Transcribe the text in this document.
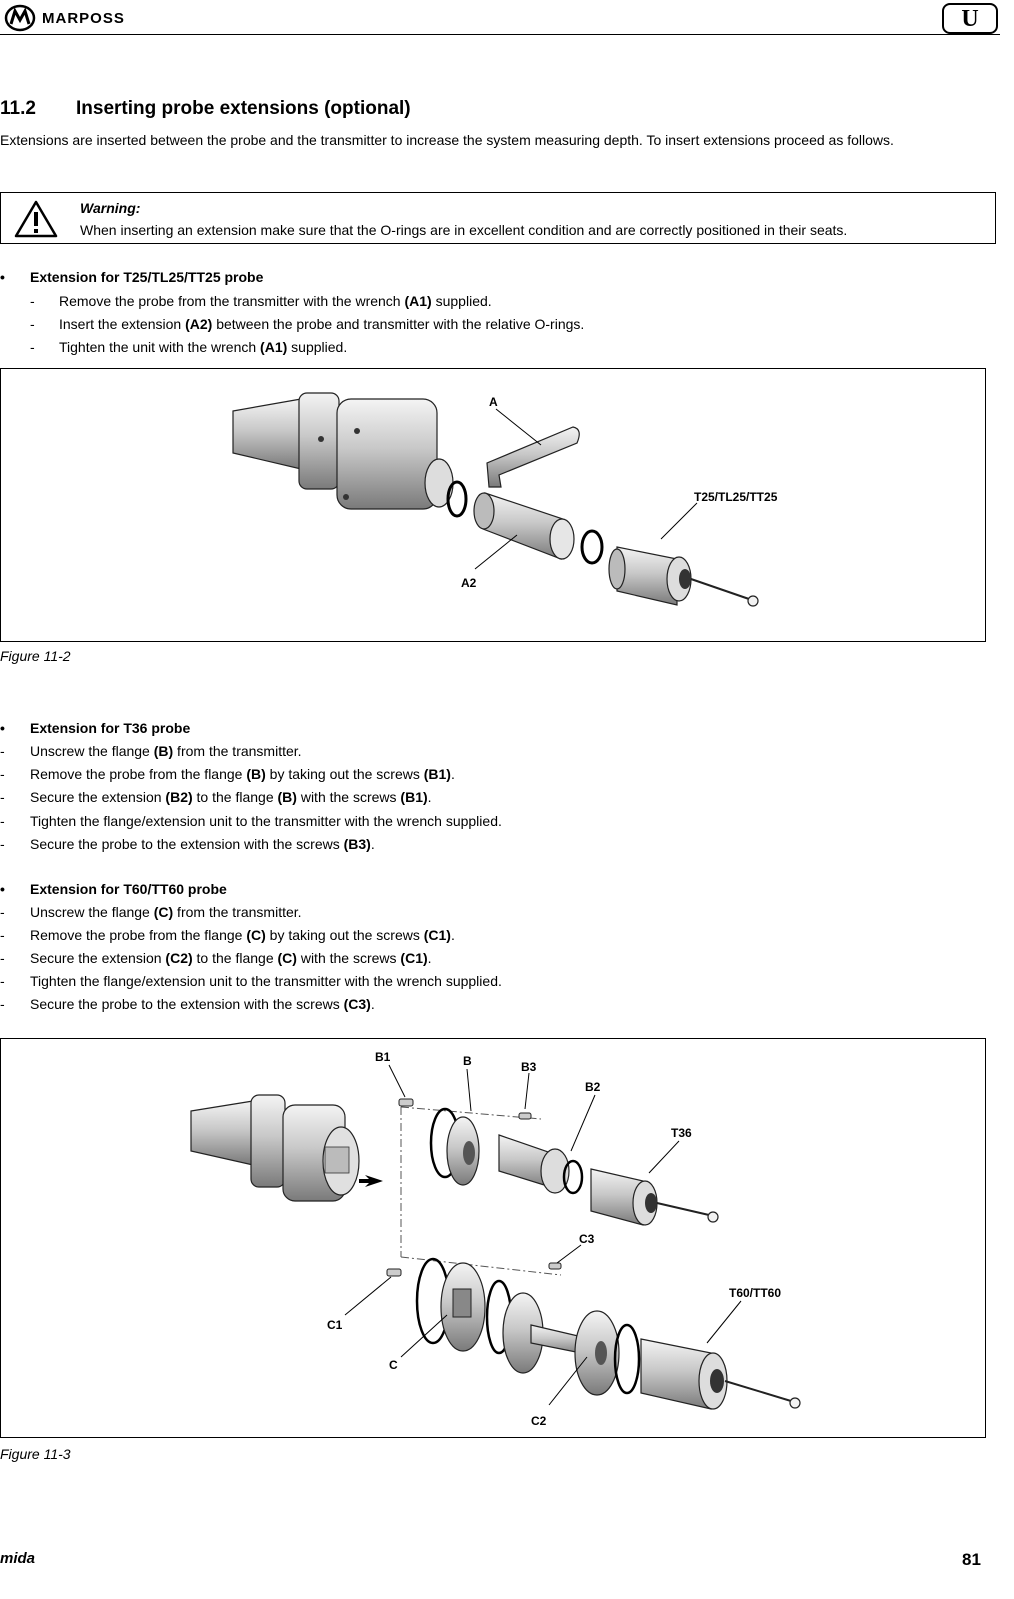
MARPOSS	U
11.2 Inserting probe extensions (optional)
Extensions are inserted between the probe and the transmitter to increase the system measuring depth. To insert extensions proceed as follows.
Warning:
When inserting an extension make sure that the O-rings are in excellent condition and are correctly positioned in their seats.
• Extension for T25/TL25/TT25 probe
- Remove the probe from the transmitter with the wrench (A1) supplied.
- Insert the extension (A2) between the probe and transmitter with the relative O-rings.
- Tighten the unit with the wrench (A1) supplied.
A
A2
T25/TL25/TT25
Figure 11-2
• Extension for T36 probe
- Unscrew the flange (B) from the transmitter.
- Remove the probe from the flange (B) by taking out the screws (B1).
- Secure the extension (B2) to the flange (B) with the screws (B1).
- Tighten the flange/extension unit to the transmitter with the wrench supplied.
- Secure the probe to the extension with the screws (B3).
• Extension for T60/TT60 probe
- Unscrew the flange (C) from the transmitter.
- Remove the probe from the flange (C) by taking out the screws (C1).
- Secure the extension (C2) to the flange (C) with the screws (C1).
- Tighten the flange/extension unit to the transmitter with the wrench supplied.
- Secure the probe to the extension with the screws (C3).
B1	B	B3
B2
T36
C3
T60/TT60
C1
C
C2
Figure 11-3
mida	81
